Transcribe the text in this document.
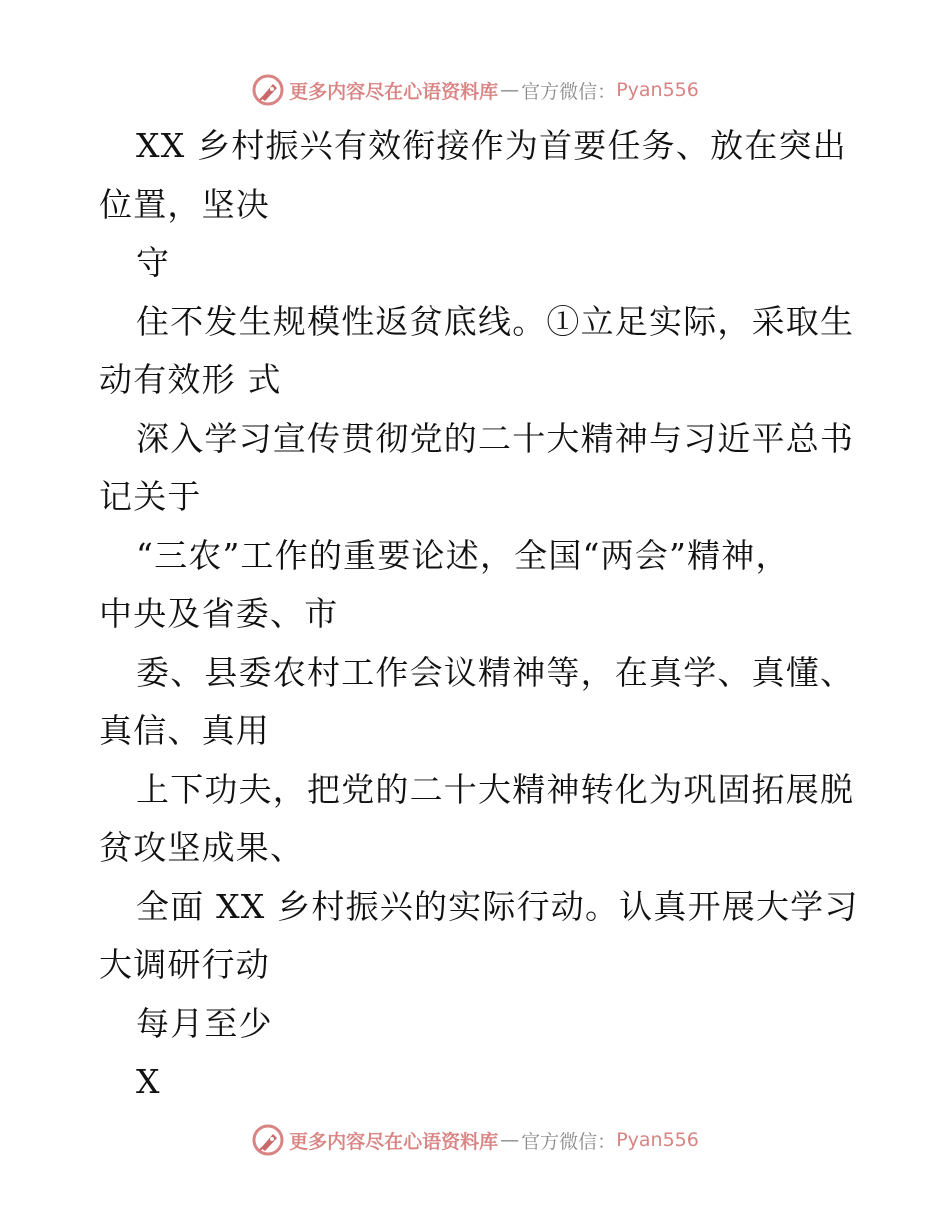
更多内容尽在心语资料库 — 官方微信： Pyan556
XX 乡村振兴有效衔接作为首要任务、放在突出
位置，坚决
守
住不发生规模性返贫底线。①立足实际，采取生
动有效形 式
深入学习宣传贯彻党的二十大精神与习近平总书
记关于
“三农”工作的重要论述，全国“两会”精神，
中央及省委、市
委、县委农村工作会议精神等，在真学、真懂、
真信、真用
上下功夫，把党的二十大精神转化为巩固拓展脱
贫攻坚成果、
全面 XX 乡村振兴的实际行动。认真开展大学习
大调研行动
每月至少
X
更多内容尽在心语资料库 — 官方微信： Pyan556
